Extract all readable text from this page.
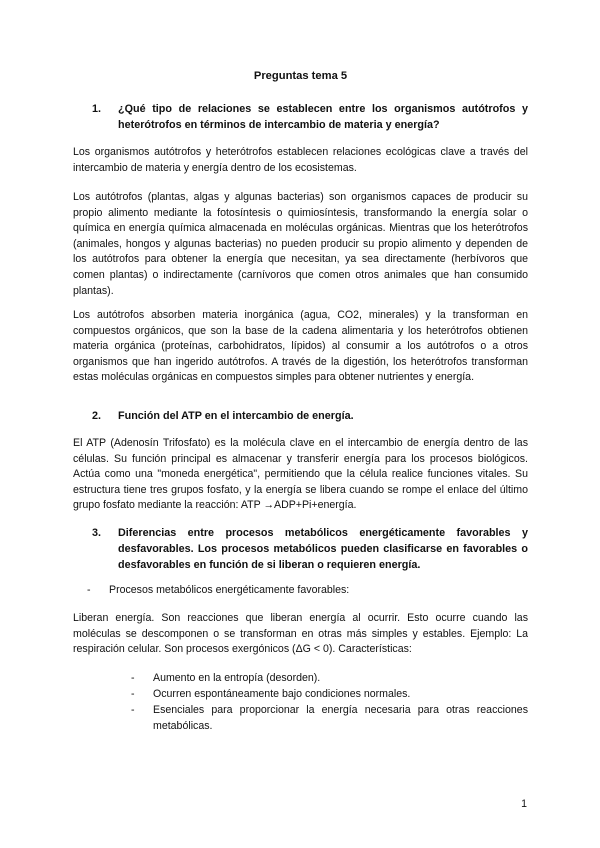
Preguntas tema 5
1. ¿Qué tipo de relaciones se establecen entre los organismos autótrofos y heterótrofos en términos de intercambio de materia y energía?

Los organismos autótrofos y heterótrofos establecen relaciones ecológicas clave a través del intercambio de materia y energía dentro de los ecosistemas.

Los autótrofos (plantas, algas y algunas bacterias) son organismos capaces de producir su propio alimento mediante la fotosíntesis o quimiosíntesis, transformando la energía solar o química en energía química almacenada en moléculas orgánicas. Mientras que los heterótrofos (animales, hongos y algunas bacterias) no pueden producir su propio alimento y dependen de los autótrofos para obtener la energía que necesitan, ya sea directamente (herbívoros que comen plantas) o indirectamente (carnívoros que comen otros animales que han consumido plantas).

Los autótrofos absorben materia inorgánica (agua, CO2, minerales) y la transforman en compuestos orgánicos, que son la base de la cadena alimentaria y los heterótrofos obtienen materia orgánica (proteínas, carbohidratos, lípidos) al consumir a los autótrofos o a otros organismos que han ingerido autótrofos. A través de la digestión, los heterótrofos transforman estas moléculas orgánicas en compuestos simples para obtener nutrientes y energía.

2. Función del ATP en el intercambio de energía.

El ATP (Adenosín Trifosfato) es la molécula clave en el intercambio de energía dentro de las células. Su función principal es almacenar y transferir energía para los procesos biológicos. Actúa como una "moneda energética", permitiendo que la célula realice funciones vitales. Su estructura tiene tres grupos fosfato, y la energía se libera cuando se rompe el enlace del último grupo fosfato mediante la reacción: ATP →ADP+Pi+energía.

3. Diferencias entre procesos metabólicos energéticamente favorables y desfavorables. Los procesos metabólicos pueden clasificarse en favorables o desfavorables en función de si liberan o requieren energía.
- Procesos metabólicos energéticamente favorables:

Liberan energía. Son reacciones que liberan energía al ocurrir. Esto ocurre cuando las moléculas se descomponen o se transforman en otras más simples y estables. Ejemplo: La respiración celular. Son procesos exergónicos (ΔG < 0). Características:

- Aumento en la entropía (desorden).
- Ocurren espontáneamente bajo condiciones normales.
- Esenciales para proporcionar la energía necesaria para otras reacciones metabólicas.
1
